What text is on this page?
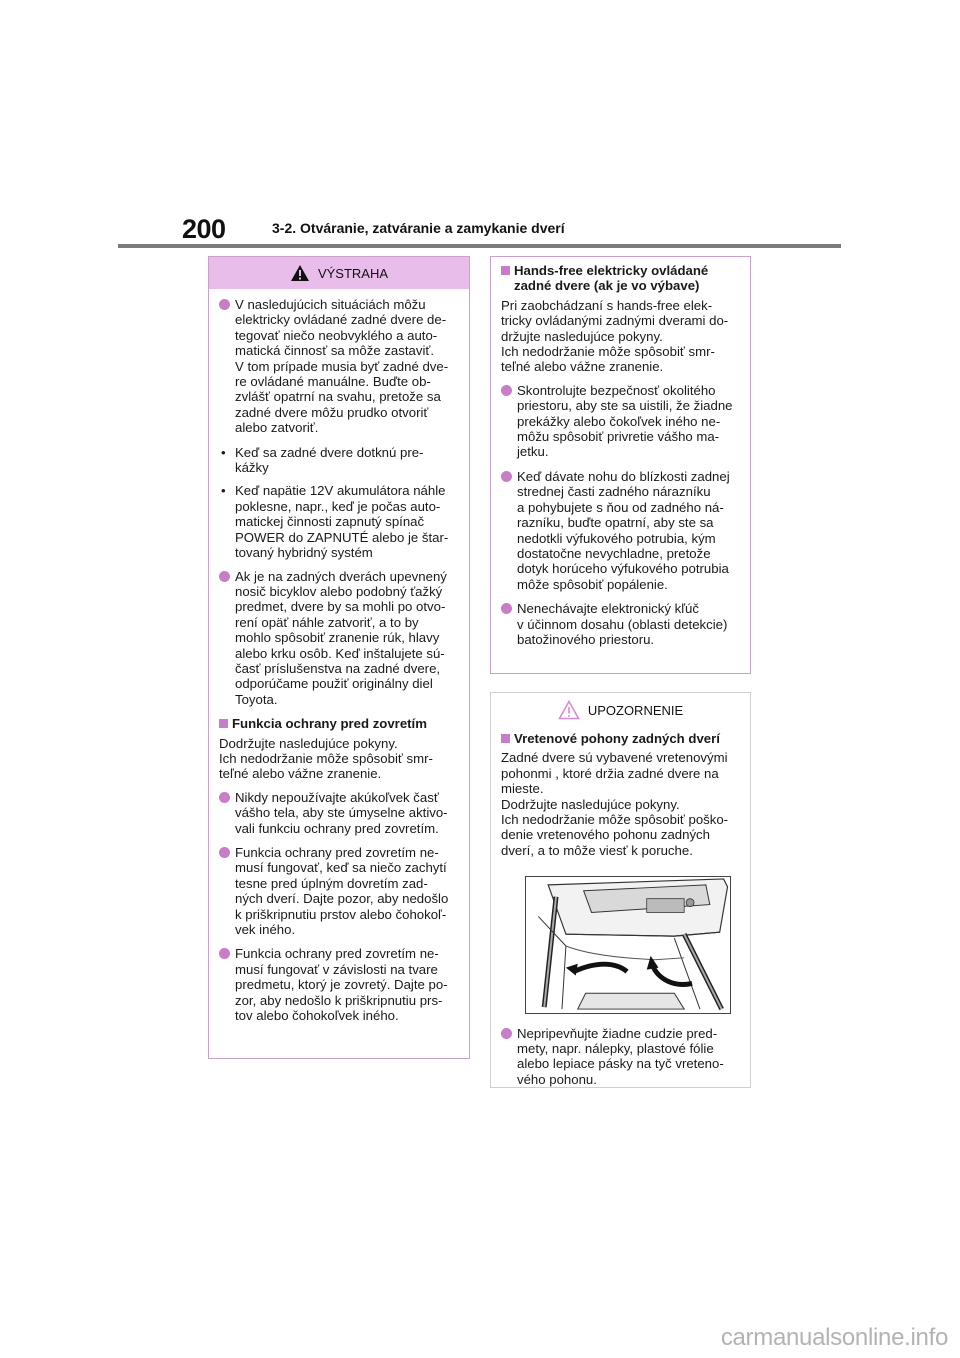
200	3-2. Otváranie, zatváranie a zamykanie dverí
VÝSTRAHA
V nasledujúcich situáciách môžu
elektricky ovládané zadné dvere de-
tegovať niečo neobvyklého a auto-
matická činnosť sa môže zastaviť.
V tom prípade musia byť zadné dve-
re ovládané manuálne. Buďte ob-
zvlášť opatrní na svahu, pretože sa
zadné dvere môžu prudko otvoriť
alebo zatvoriť.
• Keď sa zadné dvere dotknú pre-
kážky
• Keď napätie 12V akumulátora náhle
poklesne, napr., keď je počas auto-
matickej činnosti zapnutý spínač
POWER do ZAPNUTÉ alebo je štar-
tovaný hybridný systém
Ak je na zadných dverách upevnený
nosič bicyklov alebo podobný ťažký
predmet, dvere by sa mohli po otvo-
rení opäť náhle zatvoriť, a to by
mohlo spôsobiť zranenie rúk, hlavy
alebo krku osôb. Keď inštalujete sú-
časť príslušenstva na zadné dvere,
odporúčame použiť originálny diel
Toyota.
Funkcia ochrany pred zovretím
Dodržujte nasledujúce pokyny.
Ich nedodržanie môže spôsobiť smr-
teľné alebo vážne zranenie.
Nikdy nepoužívajte akúkoľvek časť
vášho tela, aby ste úmyselne aktivo-
vali funkciu ochrany pred zovretím.
Funkcia ochrany pred zovretím ne-
musí fungovať, keď sa niečo zachytí
tesne pred úplným dovretím zad-
ných dverí. Dajte pozor, aby nedošlo
k priškripnutiu prstov alebo čohokoľ-
vek iného.
Funkcia ochrany pred zovretím ne-
musí fungovať v závislosti na tvare
predmetu, ktorý je zovretý. Dajte po-
zor, aby nedošlo k priškripnutiu prs-
tov alebo čohokoľvek iného.
Hands-free elektricky ovládané
zadné dvere (ak je vo výbave)
Pri zaobchádzaní s hands-free elek-
tricky ovládanými zadnými dverami do-
držujte nasledujúce pokyny.
Ich nedodržanie môže spôsobiť smr-
teľné alebo vážne zranenie.
Skontrolujte bezpečnosť okolitého
priestoru, aby ste sa uistili, že žiadne
prekážky alebo čokoľvek iného ne-
môžu spôsobiť privretie vášho ma-
jetku.
Keď dávate nohu do blízkosti zadnej
strednej časti zadného nárazníku
a pohybujete s ňou od zadného ná-
razníku, buďte opatrní, aby ste sa
nedotkli výfukového potrubia, kým
dostatočne nevychladne, pretože
dotyk horúceho výfukového potrubia
môže spôsobiť popálenie.
Nenechávajte elektronický kľúč
v účinnom dosahu (oblasti detekcie)
batožinového priestoru.
UPOZORNENIE
Vretenové pohony zadných dverí
Zadné dvere sú vybavené vretenovými
pohonmi , ktoré držia zadné dvere na
mieste.
Dodržujte nasledujúce pokyny.
Ich nedodržanie môže spôsobiť poško-
denie vretenového pohonu zadných
dverí, a to môže viesť k poruche.
Nepripevňujte žiadne cudzie pred-
mety, napr. nálepky, plastové fólie
alebo lepiace pásky na tyč vreteno-
vého pohonu.
carmanualsonline.info
